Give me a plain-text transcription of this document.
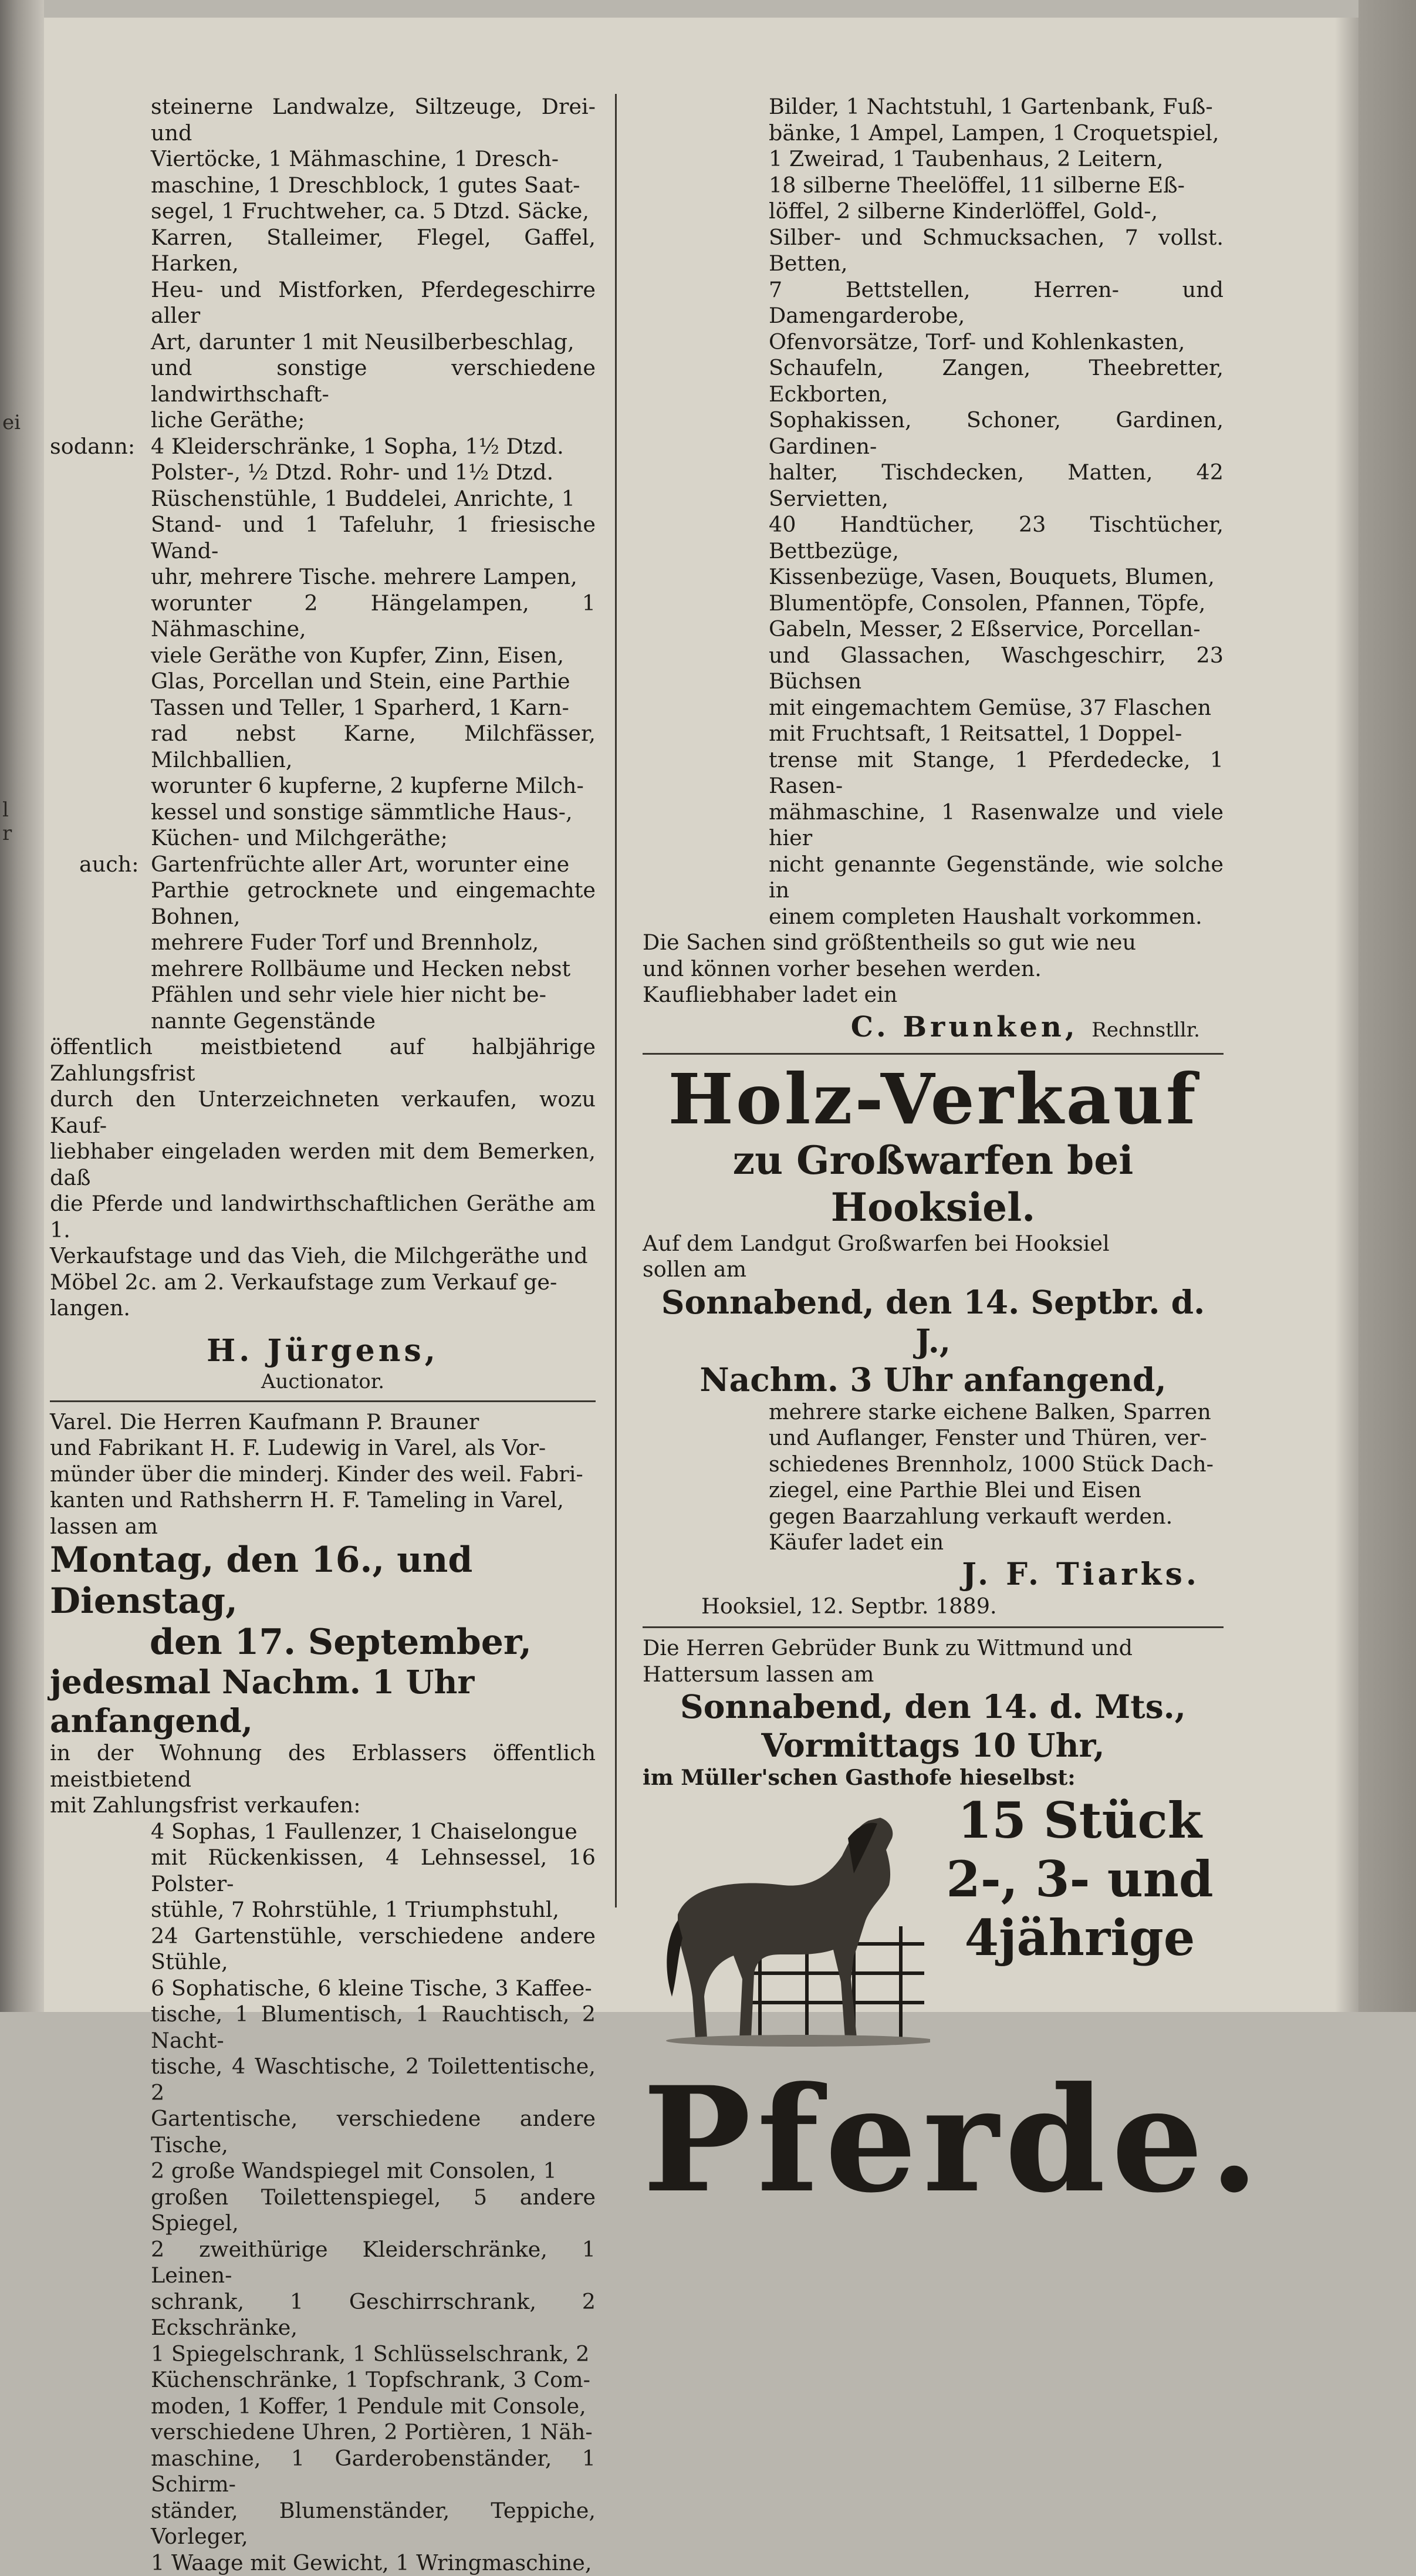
ei
l
r
steinerne Landwalze, Siltzeuge, Drei- und
Viertöcke, 1 Mähmaschine, 1 Dresch-
maschine, 1 Dreschblock, 1 gutes Saat-
segel, 1 Fruchtweher, ca. 5 Dtzd. Säcke,
Karren, Stalleimer, Flegel, Gaffel, Harken,
Heu- und Mistforken, Pferdegeschirre aller
Art, darunter 1 mit Neusilberbeschlag,
und sonstige verschiedene landwirthschaft-
liche Geräthe;
sodann: 4 Kleiderschränke, 1 Sopha, 1½ Dtzd.
Polster-, ½ Dtzd. Rohr- und 1½ Dtzd.
Rüschenstühle, 1 Buddelei, Anrichte, 1
Stand- und 1 Tafeluhr, 1 friesische Wand-
uhr, mehrere Tische. mehrere Lampen,
worunter 2 Hängelampen, 1 Nähmaschine,
viele Geräthe von Kupfer, Zinn, Eisen,
Glas, Porcellan und Stein, eine Parthie
Tassen und Teller, 1 Sparherd, 1 Karn-
rad nebst Karne, Milchfässer, Milchballien,
worunter 6 kupferne, 2 kupferne Milch-
kessel und sonstige sämmtliche Haus-,
Küchen- und Milchgeräthe;
auch: Gartenfrüchte aller Art, worunter eine
Parthie getrocknete und eingemachte Bohnen,
mehrere Fuder Torf und Brennholz,
mehrere Rollbäume und Hecken nebst
Pfählen und sehr viele hier nicht be-
nannte Gegenstände
öffentlich meistbietend auf halbjährige Zahlungsfrist
durch den Unterzeichneten verkaufen, wozu Kauf-
liebhaber eingeladen werden mit dem Bemerken, daß
die Pferde und landwirthschaftlichen Geräthe am 1.
Verkaufstage und das Vieh, die Milchgeräthe und
Möbel 2c. am 2. Verkaufstage zum Verkauf ge-
langen.
H. Jürgens,
Auctionator.
Varel. Die Herren Kaufmann P. Brauner
und Fabrikant H. F. Ludewig in Varel, als Vor-
münder über die minderj. Kinder des weil. Fabri-
kanten und Rathsherrn H. F. Tameling in Varel,
lassen am
Montag, den 16., und Dienstag,
den 17. September,
jedesmal Nachm. 1 Uhr anfangend,
in der Wohnung des Erblassers öffentlich meistbietend
mit Zahlungsfrist verkaufen:
4 Sophas, 1 Faullenzer, 1 Chaiselongue
mit Rückenkissen, 4 Lehnsessel, 16 Polster-
stühle, 7 Rohrstühle, 1 Triumphstuhl,
24 Gartenstühle, verschiedene andere Stühle,
6 Sophatische, 6 kleine Tische, 3 Kaffee-
tische, 1 Blumentisch, 1 Rauchtisch, 2 Nacht-
tische, 4 Waschtische, 2 Toilettentische, 2
Gartentische, verschiedene andere Tische,
2 große Wandspiegel mit Consolen, 1
großen Toilettenspiegel, 5 andere Spiegel,
2 zweithürige Kleiderschränke, 1 Leinen-
schrank, 1 Geschirrschrank, 2 Eckschränke,
1 Spiegelschrank, 1 Schlüsselschrank, 2
Küchenschränke, 1 Topfschrank, 3 Com-
moden, 1 Koffer, 1 Pendule mit Console,
verschiedene Uhren, 2 Portièren, 1 Näh-
maschine, 1 Garderobenständer, 1 Schirm-
ständer, Blumenständer, Teppiche, Vorleger,
1 Waage mit Gewicht, 1 Wringmaschine,
Bilder, 1 Nachtstuhl, 1 Gartenbank, Fuß-
bänke, 1 Ampel, Lampen, 1 Croquetspiel,
1 Zweirad, 1 Taubenhaus, 2 Leitern,
18 silberne Theelöffel, 11 silberne Eß-
löffel, 2 silberne Kinderlöffel, Gold-,
Silber- und Schmucksachen, 7 vollst. Betten,
7 Bettstellen, Herren- und Damengarderobe,
Ofenvorsätze, Torf- und Kohlenkasten,
Schaufeln, Zangen, Theebretter, Eckborten,
Sophakissen, Schoner, Gardinen, Gardinen-
halter, Tischdecken, Matten, 42 Servietten,
40 Handtücher, 23 Tischtücher, Bettbezüge,
Kissenbezüge, Vasen, Bouquets, Blumen,
Blumentöpfe, Consolen, Pfannen, Töpfe,
Gabeln, Messer, 2 Eßservice, Porcellan-
und Glassachen, Waschgeschirr, 23 Büchsen
mit eingemachtem Gemüse, 37 Flaschen
mit Fruchtsaft, 1 Reitsattel, 1 Doppel-
trense mit Stange, 1 Pferdedecke, 1 Rasen-
mähmaschine, 1 Rasenwalze und viele hier
nicht genannte Gegenstände, wie solche in
einem completen Haushalt vorkommen.
Die Sachen sind größtentheils so gut wie neu
und können vorher besehen werden.
Kaufliebhaber ladet ein
C. Brunken, Rechnstllr.
Holz-Verkauf
zu Großwarfen bei Hooksiel.
Auf dem Landgut Großwarfen bei Hooksiel
sollen am
Sonnabend, den 14. Septbr. d. J.,
Nachm. 3 Uhr anfangend,
mehrere starke eichene Balken, Sparren
und Auflanger, Fenster und Thüren, ver-
schiedenes Brennholz, 1000 Stück Dach-
ziegel, eine Parthie Blei und Eisen
gegen Baarzahlung verkauft werden.
Käufer ladet ein
J. F. Tiarks.
Hooksiel, 12. Septbr. 1889.
Die Herren Gebrüder Bunk zu Wittmund und
Hattersum lassen am
Sonnabend, den 14. d. Mts.,
Vormittags 10 Uhr,
im Müller'schen Gasthofe hieselbst:
15 Stück
2-, 3- und
4jährige
Pferde.
